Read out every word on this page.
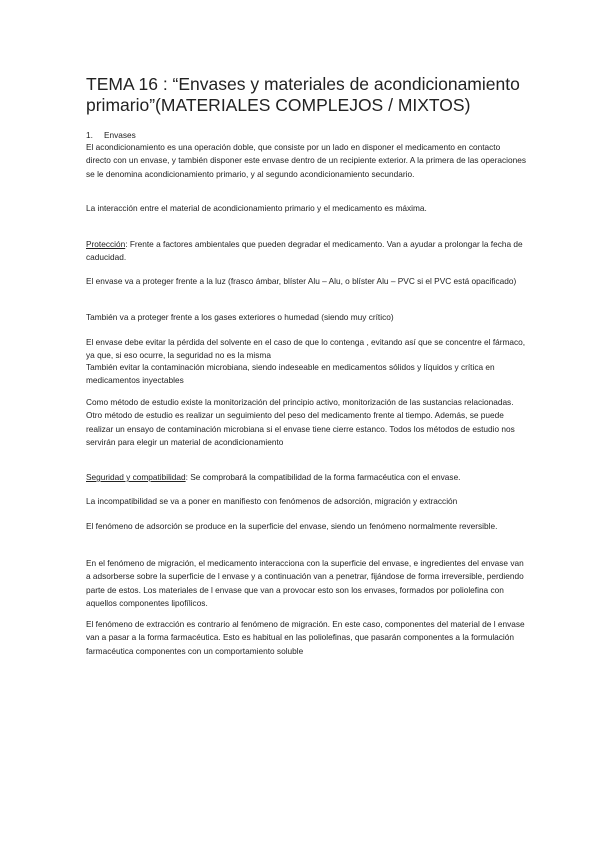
TEMA 16 : “Envases y materiales de acondicionamiento
primario”(MATERIALES COMPLEJOS / MIXTOS)
1. Envases
El acondicionamiento es una operación doble, que consiste por un lado en disponer el medicamento en contacto directo con un envase, y también disponer este envase dentro de un recipiente exterior. A la primera de las operaciones se le denomina acondicionamiento primario, y al segundo acondicionamiento secundario.
La interacción entre el material de acondicionamiento primario y el medicamento es máxima.
Protección: Frente a factores ambientales que pueden degradar el medicamento. Van a ayudar a prolongar la fecha de caducidad.
El envase va a proteger frente a la luz (frasco ámbar, blíster Alu – Alu, o blíster Alu – PVC si el PVC está opacificado)
También va a proteger frente a los gases exteriores o humedad (siendo muy crítico)
El envase debe evitar la pérdida del solvente en el caso de que lo contenga , evitando así que se concentre el fármaco, ya que, si eso ocurre, la seguridad no es la misma
También evitar la contaminación microbiana, siendo indeseable en medicamentos sólidos y líquidos y crítica en medicamentos inyectables
Como método de estudio existe la monitorización del principio activo, monitorización de las sustancias relacionadas. Otro método de estudio es realizar un seguimiento del peso del medicamento frente al tiempo. Además, se puede realizar un ensayo de contaminación microbiana si el envase tiene cierre estanco. Todos los métodos de estudio nos servirán para elegir un material de acondicionamiento
Seguridad y compatibilidad: Se comprobará la compatibilidad de la forma farmacéutica con el envase.
La incompatibilidad se va a poner en manifiesto con fenómenos de adsorción, migración y extracción
El fenómeno de adsorción se produce en la superficie del envase, siendo un fenómeno normalmente reversible.
En el fenómeno de migración, el medicamento interacciona con la superficie del envase, e ingredientes del envase van a adsorberse sobre la superficie de l envase y a continuación van a penetrar, fijándose de forma irreversible, perdiendo parte de estos. Los materiales de l envase que van a provocar esto son los envases, formados por poliolefina con aquellos componentes lipofílicos.
El fenómeno de extracción es contrario al fenómeno de migración. En este caso, componentes del material de l envase van a pasar a la forma farmacéutica. Esto es habitual en las poliolefinas, que pasarán componentes a la formulación farmacéutica componentes con un comportamiento soluble
